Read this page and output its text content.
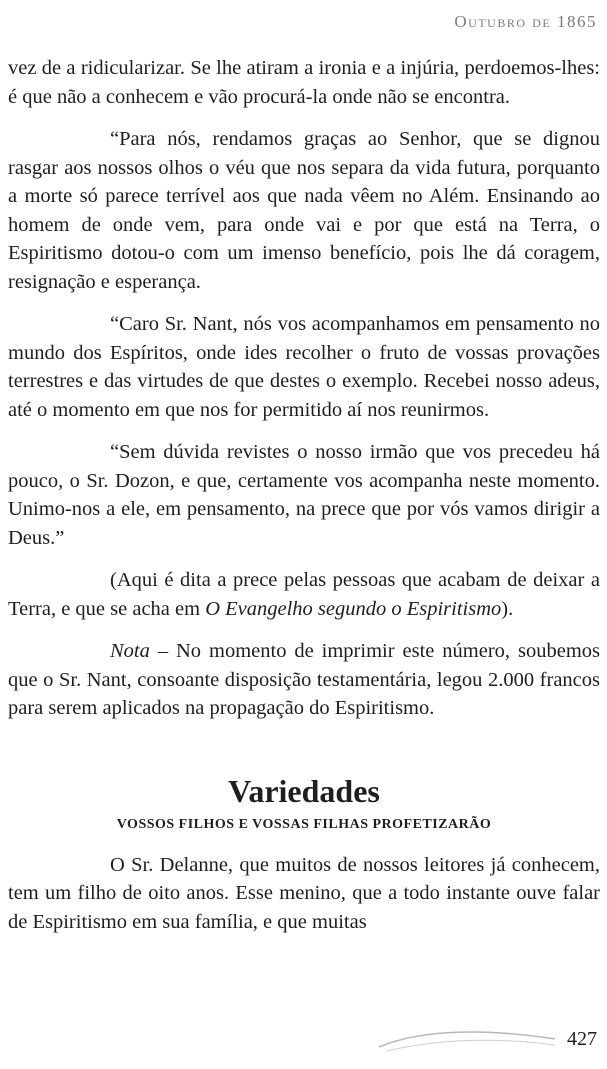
Outubro de 1865

vez de a ridicularizar. Se lhe atiram a ironia e a injúria, perdoemos-lhes: é que não a conhecem e vão procurá-la onde não se encontra.

“Para nós, rendamos graças ao Senhor, que se dignou rasgar aos nossos olhos o véu que nos separa da vida futura, porquanto a morte só parece terrível aos que nada vêem no Além. Ensinando ao homem de onde vem, para onde vai e por que está na Terra, o Espiritismo dotou-o com um imenso benefício, pois lhe dá coragem, resignação e esperança.

“Caro Sr. Nant, nós vos acompanhamos em pensamento no mundo dos Espíritos, onde ides recolher o fruto de vossas provações terrestres e das virtudes de que destes o exemplo. Recebei nosso adeus, até o momento em que nos for permitido aí nos reunirmos.

“Sem dúvida revistes o nosso irmão que vos precedeu há pouco, o Sr. Dozon, e que, certamente vos acompanha neste momento. Unimo-nos a ele, em pensamento, na prece que por vós vamos dirigir a Deus.”

(Aqui é dita a prece pelas pessoas que acabam de deixar a Terra, e que se acha em O Evangelho segundo o Espiritismo).

Nota – No momento de imprimir este número, soubemos que o Sr. Nant, consoante disposição testamentária, legou 2.000 francos para serem aplicados na propagação do Espiritismo.

Variedades
VOSSOS FILHOS E VOSSAS FILHAS PROFETIZARÃO

O Sr. Delanne, que muitos de nossos leitores já conhecem, tem um filho de oito anos. Esse menino, que a todo instante ouve falar de Espiritismo em sua família, e que muitas

427
